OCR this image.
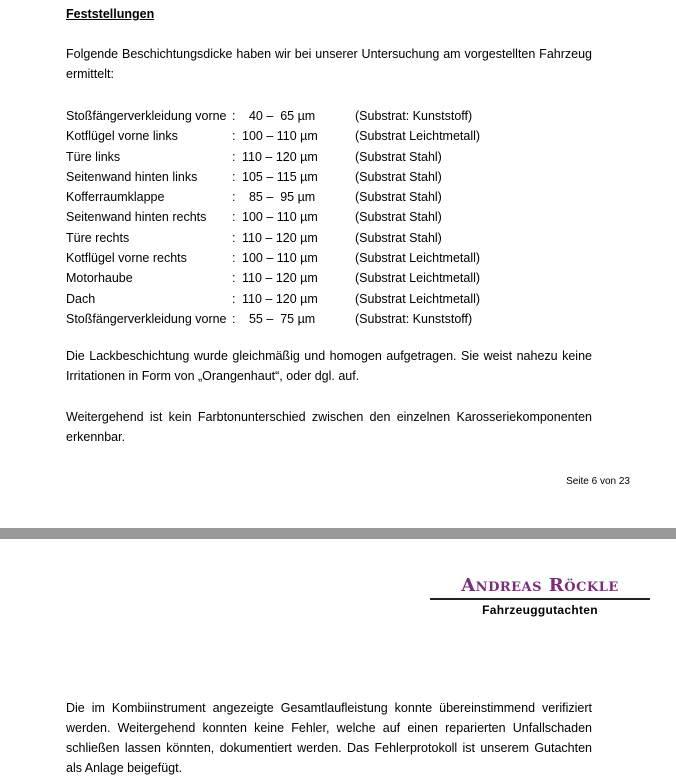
Feststellungen
Folgende Beschichtungsdicke haben wir bei unserer Untersuchung am vorgestellten Fahrzeug ermittelt:
Stoßfängerverkleidung vorne : 40 –  65 µm	(Substrat: Kunststoff)
Kotflügel vorne links	: 100 – 110 µm	(Substrat Leichtmetall)
Türe links	: 110 – 120 µm	(Substrat Stahl)
Seitenwand hinten links	: 105 – 115 µm	(Substrat Stahl)
Kofferraumklappe	: 85 –  95 µm	(Substrat Stahl)
Seitenwand hinten rechts : 100 – 110 µm	(Substrat Stahl)
Türe rechts	: 110 – 120 µm	(Substrat Stahl)
Kotflügel vorne rechts	: 100 – 110 µm	(Substrat Leichtmetall)
Motorhaube	: 110 – 120 µm	(Substrat Leichtmetall)
Dach	: 110 – 120 µm	(Substrat Leichtmetall)
Stoßfängerverkleidung vorne : 55 –  75 µm	(Substrat: Kunststoff)
Die Lackbeschichtung wurde gleichmäßig und homogen aufgetragen. Sie weist nahezu keine Irritationen in Form von „Orangenhaut“, oder dgl. auf.
Weitergehend ist kein Farbtonunterschied zwischen den einzelnen Karosseriekomponenten erkennbar.
Seite 6 von 23
Andreas Röckle
Fahrzeuggutachten
Die im Kombiinstrument angezeigte Gesamtlaufleistung konnte übereinstimmend verifiziert werden. Weitergehend konnten keine Fehler, welche auf einen reparierten Unfallschaden schließen lassen könnten, dokumentiert werden. Das Fehlerprotokoll ist unserem Gutachten als Anlage beigefügt.
